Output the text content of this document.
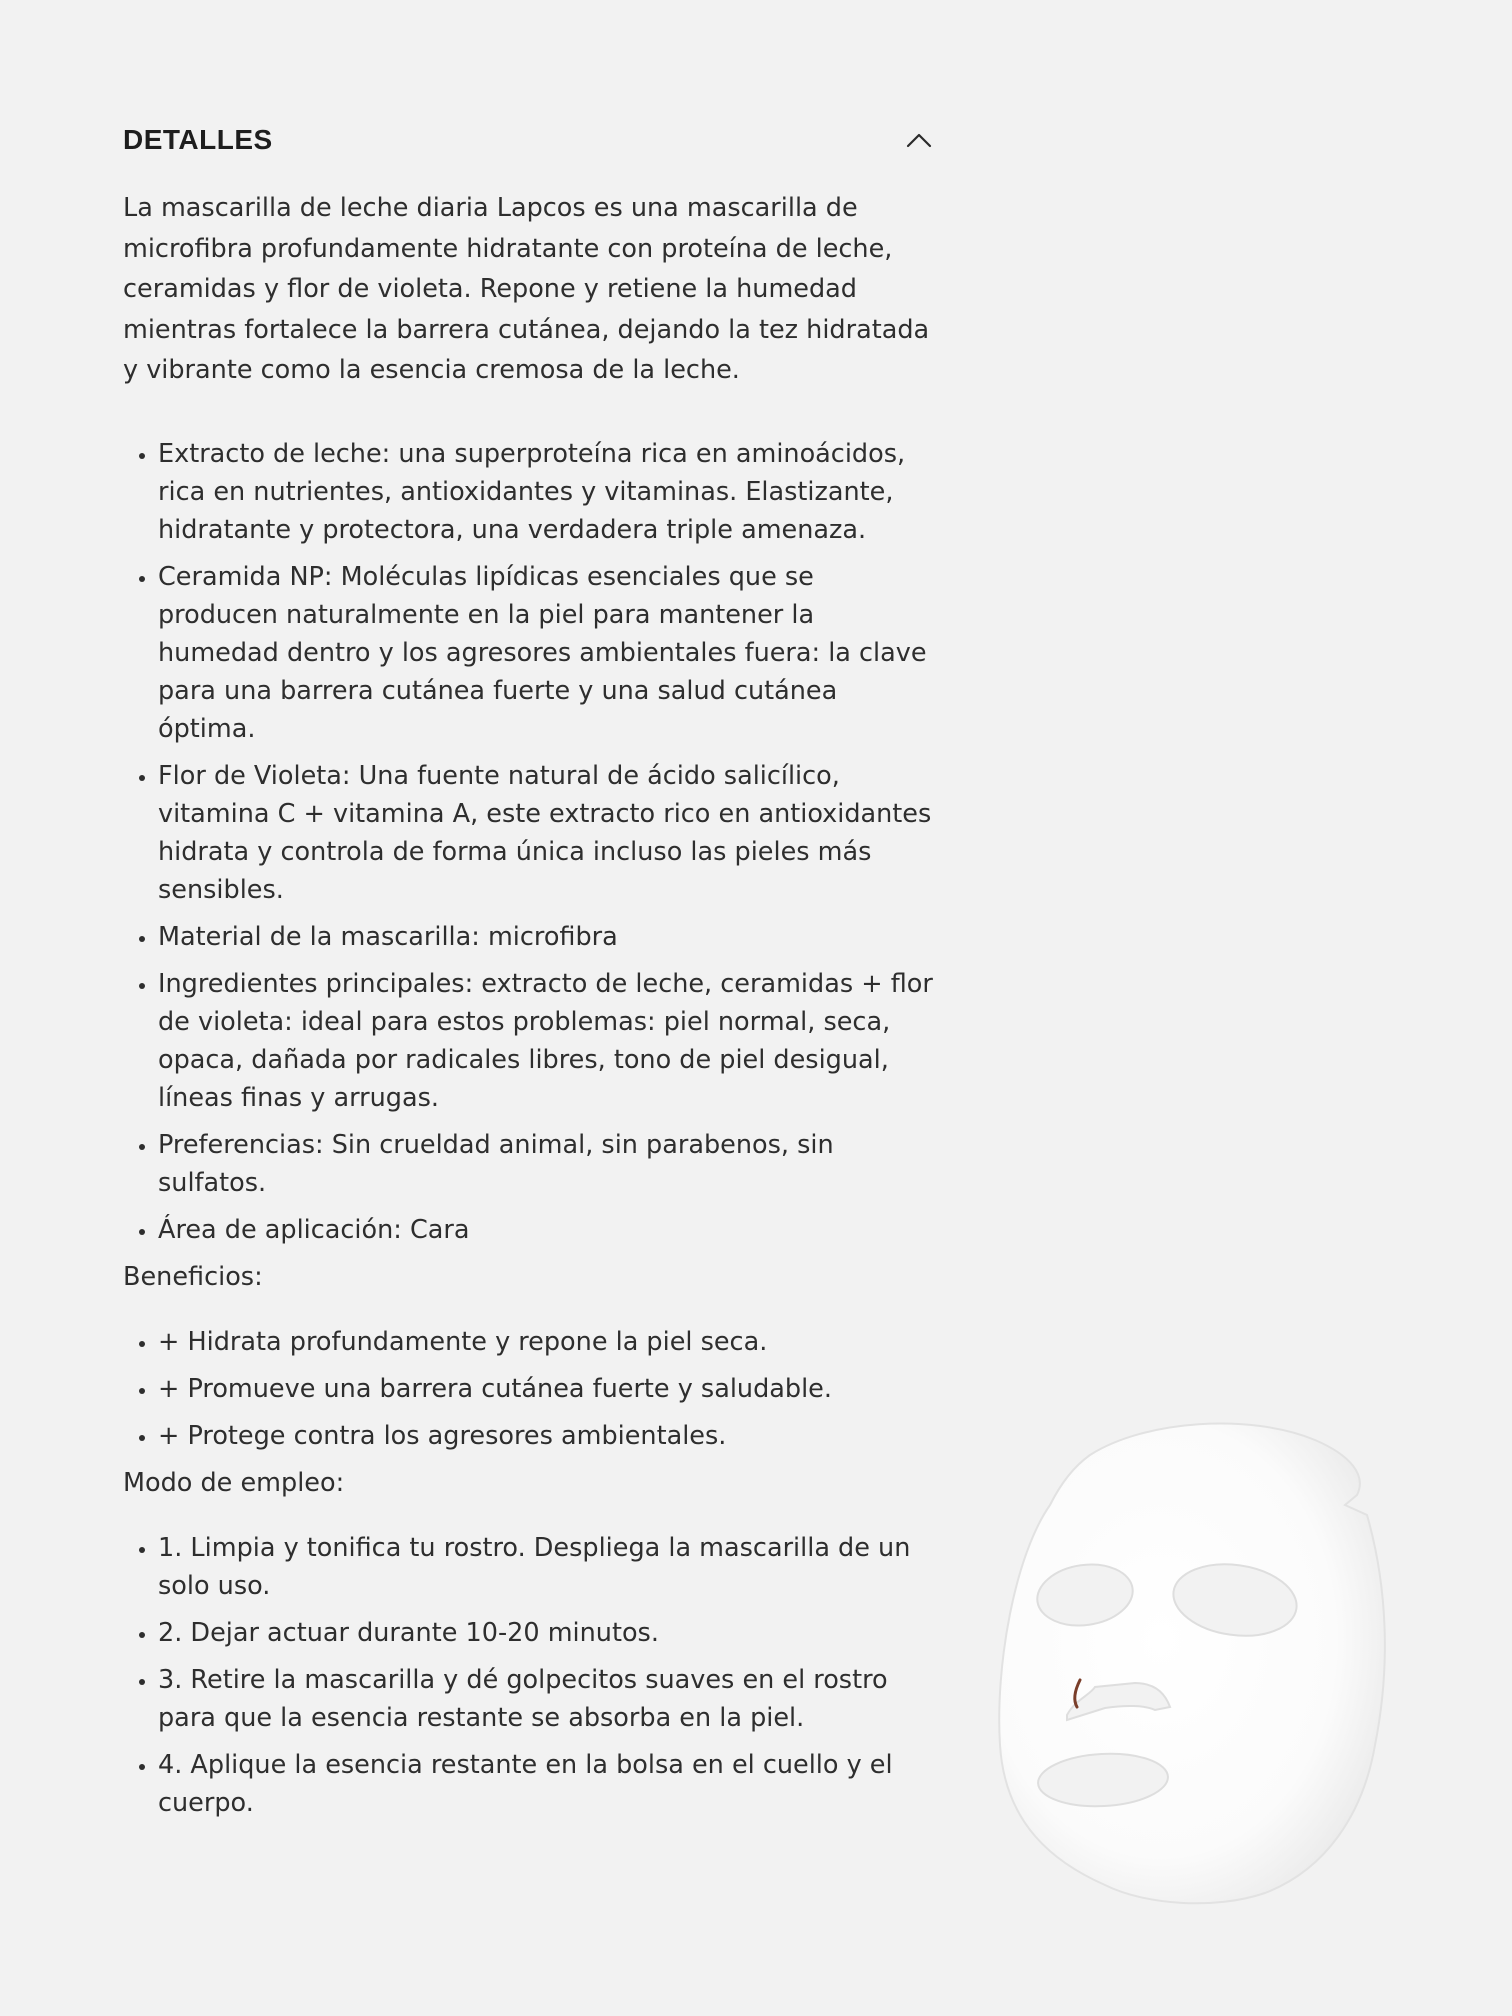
DETALLES

La mascarilla de leche diaria Lapcos es una mascarilla de microfibra profundamente hidratante con proteína de leche, ceramidas y flor de violeta. Repone y retiene la humedad mientras fortalece la barrera cutánea, dejando la tez hidratada y vibrante como la esencia cremosa de la leche.

• Extracto de leche: una superproteína rica en aminoácidos, rica en nutrientes, antioxidantes y vitaminas. Elastizante, hidratante y protectora, una verdadera triple amenaza.
• Ceramida NP: Moléculas lipídicas esenciales que se producen naturalmente en la piel para mantener la humedad dentro y los agresores ambientales fuera: la clave para una barrera cutánea fuerte y una salud cutánea óptima.
• Flor de Violeta: Una fuente natural de ácido salicílico, vitamina C + vitamina A, este extracto rico en antioxidantes hidrata y controla de forma única incluso las pieles más sensibles.
• Material de la mascarilla: microfibra
• Ingredientes principales: extracto de leche, ceramidas + flor de violeta: ideal para estos problemas: piel normal, seca, opaca, dañada por radicales libres, tono de piel desigual, líneas finas y arrugas.
• Preferencias: Sin crueldad animal, sin parabenos, sin sulfatos.
• Área de aplicación: Cara

Beneficios:

• + Hidrata profundamente y repone la piel seca.
• + Promueve una barrera cutánea fuerte y saludable.
• + Protege contra los agresores ambientales.

Modo de empleo:

• 1. Limpia y tonifica tu rostro. Despliega la mascarilla de un solo uso.
• 2. Dejar actuar durante 10-20 minutos.
• 3. Retire la mascarilla y dé golpecitos suaves en el rostro para que la esencia restante se absorba en la piel.
• 4. Aplique la esencia restante en la bolsa en el cuello y el cuerpo.
